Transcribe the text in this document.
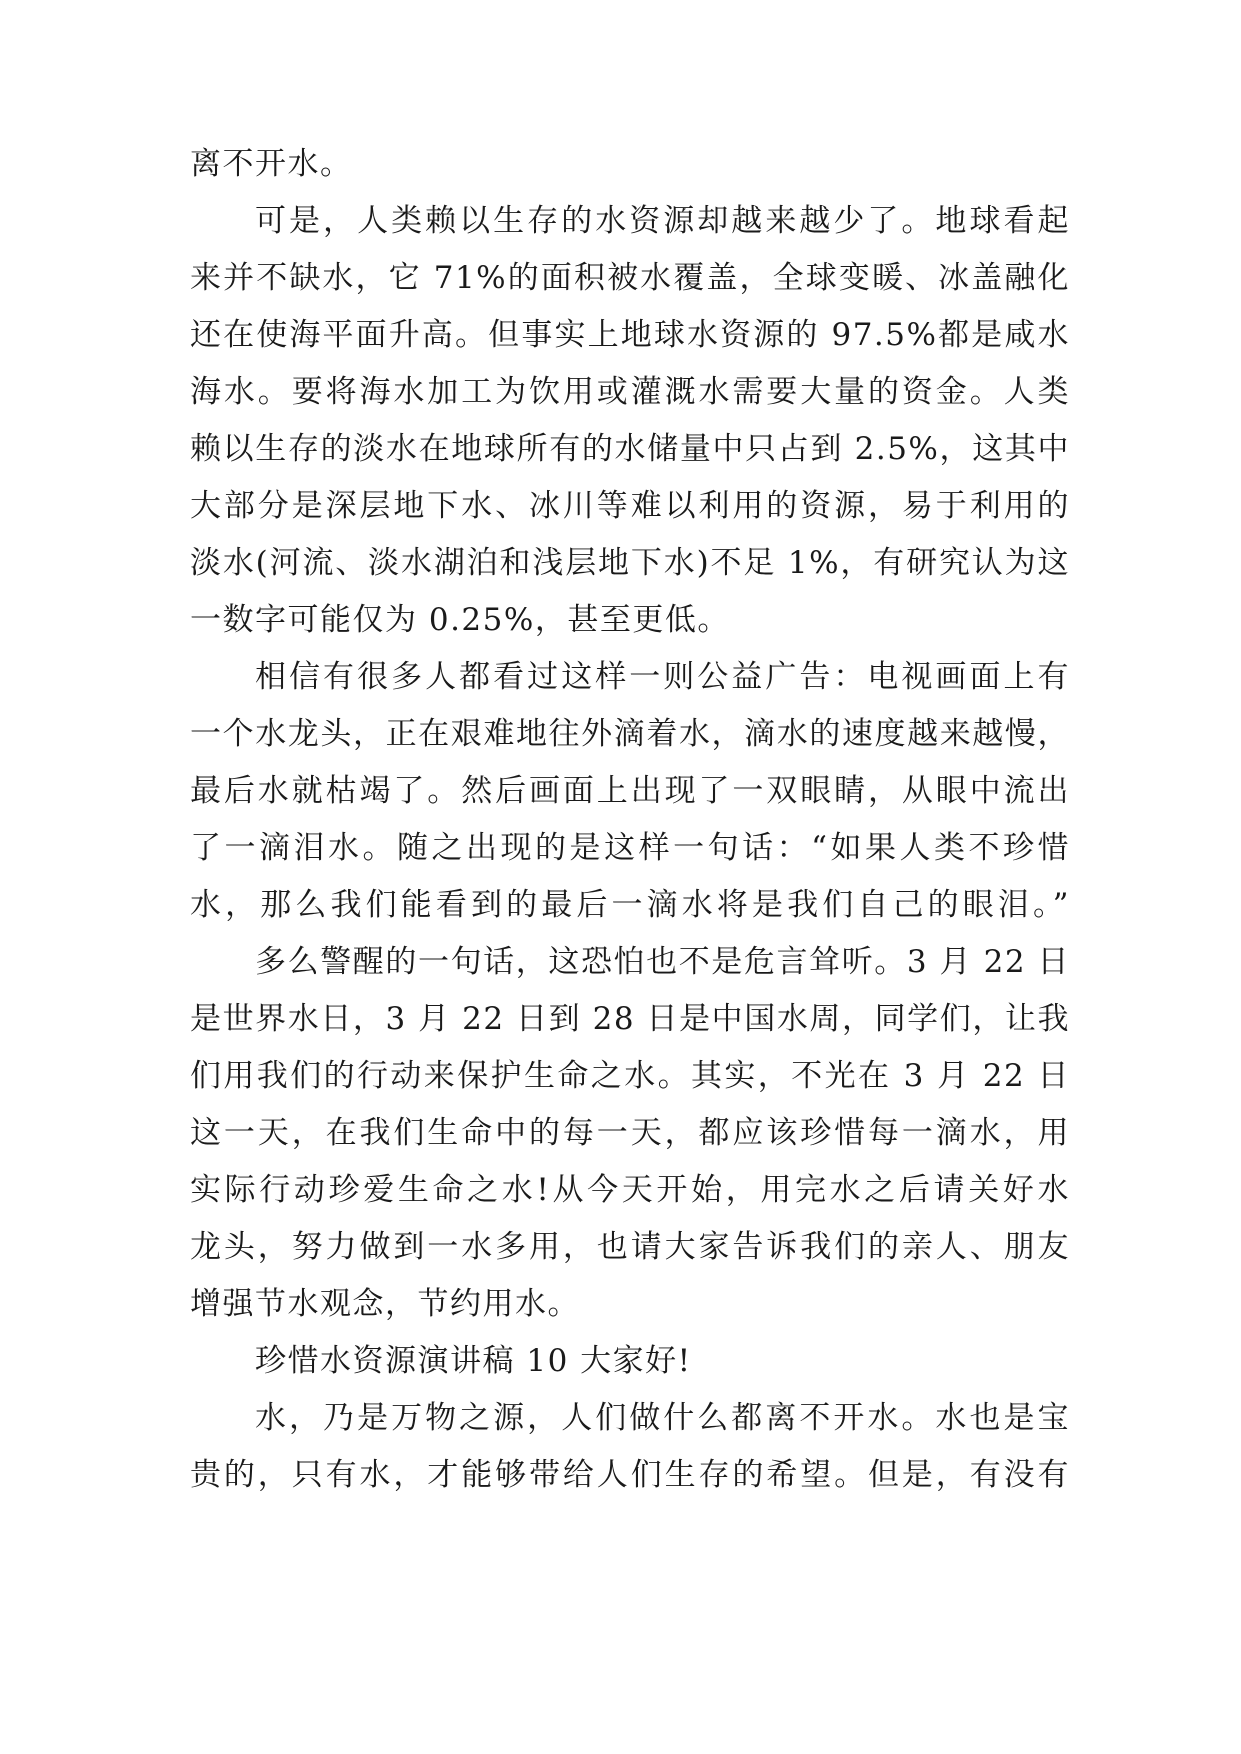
离不开水。
可是，人类赖以生存的水资源却越来越少了。地球看起
来并不缺水，它 71%的面积被水覆盖，全球变暖、冰盖融化
还在使海平面升高。但事实上地球水资源的 97.5%都是咸水
海水。要将海水加工为饮用或灌溉水需要大量的资金。人类
赖以生存的淡水在地球所有的水储量中只占到 2.5%，这其中
大部分是深层地下水、冰川等难以利用的资源，易于利用的
淡水(河流、淡水湖泊和浅层地下水)不足 1%，有研究认为这
一数字可能仅为 0.25%，甚至更低。
相信有很多人都看过这样一则公益广告：电视画面上有
一个水龙头，正在艰难地往外滴着水，滴水的速度越来越慢，
最后水就枯竭了。然后画面上出现了一双眼睛，从眼中流出
了一滴泪水。随之出现的是这样一句话：“如果人类不珍惜
水，那么我们能看到的最后一滴水将是我们自己的眼泪。”
多么警醒的一句话，这恐怕也不是危言耸听。3 月 22 日
是世界水日，3 月 22 日到 28 日是中国水周，同学们，让我
们用我们的行动来保护生命之水。其实，不光在 3 月 22 日
这一天，在我们生命中的每一天，都应该珍惜每一滴水，用
实际行动珍爱生命之水!从今天开始，用完水之后请关好水
龙头，努力做到一水多用，也请大家告诉我们的亲人、朋友
增强节水观念，节约用水。
珍惜水资源演讲稿 10 大家好!
水，乃是万物之源，人们做什么都离不开水。水也是宝
贵的，只有水，才能够带给人们生存的希望。但是，有没有
